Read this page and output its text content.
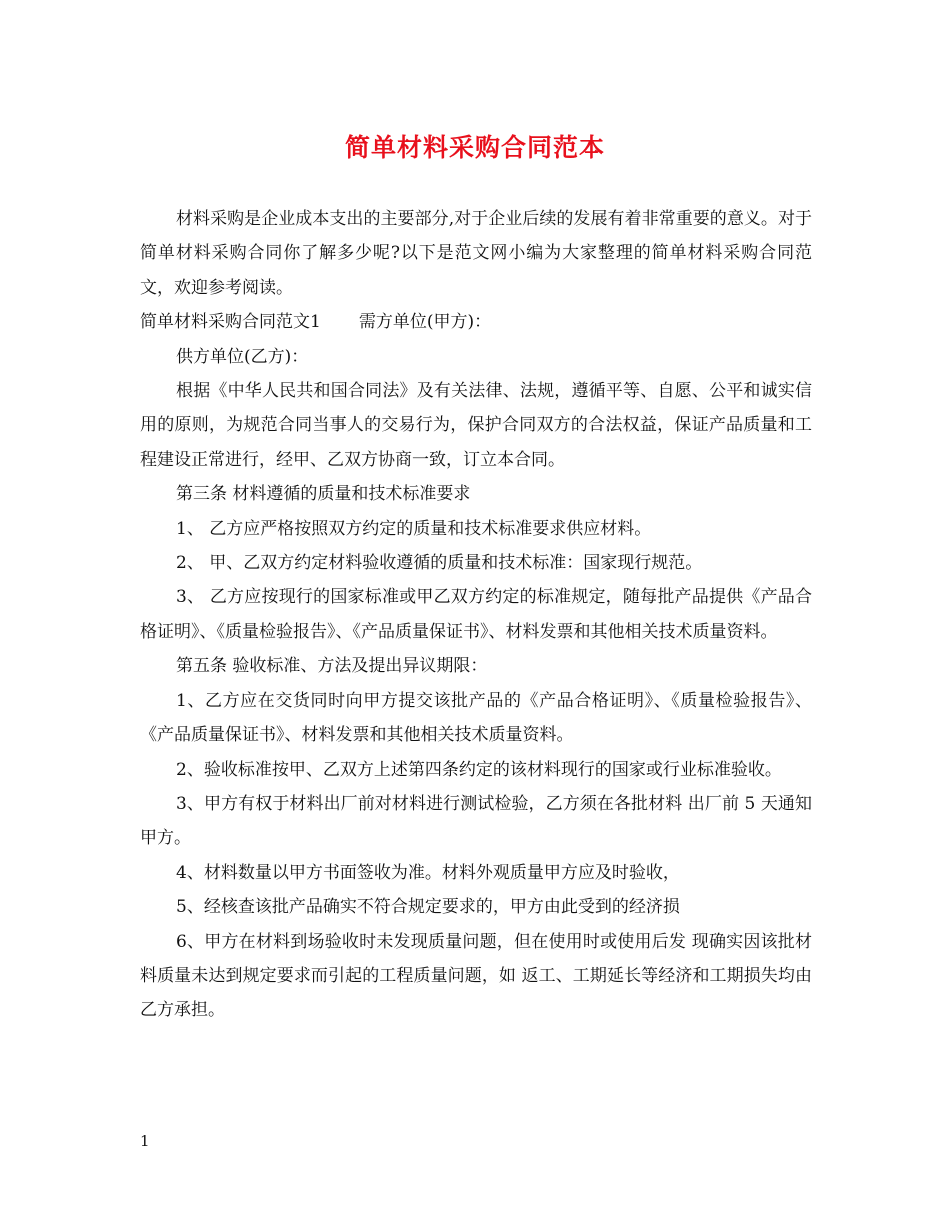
简单材料采购合同范本

材料采购是企业成本支出的主要部分,对于企业后续的发展有着非常重要的意义。对于简单材料采购合同你了解多少呢?以下是范文网小编为大家整理的简单材料采购合同范文，欢迎参考阅读。

简单材料采购合同范文1 需方单位(甲方)：

供方单位(乙方)：

根据《中华人民共和国合同法》及有关法律、法规，遵循平等、自愿、公平和诚实信用的原则，为规范合同当事人的交易行为，保护合同双方的合法权益，保证产品质量和工程建设正常进行，经甲、乙双方协商一致，订立本合同。

第三条 材料遵循的质量和技术标准要求

1、 乙方应严格按照双方约定的质量和技术标准要求供应材料。

2、 甲、乙双方约定材料验收遵循的质量和技术标准：国家现行规范。

3、 乙方应按现行的国家标准或甲乙双方约定的标准规定，随每批产品提供《产品合格证明》、《质量检验报告》、《产品质量保证书》、材料发票和其他相关技术质量资料。

第五条 验收标准、方法及提出异议期限：

1、乙方应在交货同时向甲方提交该批产品的《产品合格证明》、《质量检验报告》、《产品质量保证书》、材料发票和其他相关技术质量资料。

2、验收标准按甲、乙双方上述第四条约定的该材料现行的国家或行业标准验收。

3、甲方有权于材料出厂前对材料进行测试检验，乙方须在各批材料 出厂前 5 天通知甲方。

4、材料数量以甲方书面签收为准。材料外观质量甲方应及时验收，

5、经核查该批产品确实不符合规定要求的，甲方由此受到的经济损

6、甲方在材料到场验收时未发现质量问题，但在使用时或使用后发 现确实因该批材料质量未达到规定要求而引起的工程质量问题，如 返工、工期延长等经济和工期损失均由乙方承担。

1
